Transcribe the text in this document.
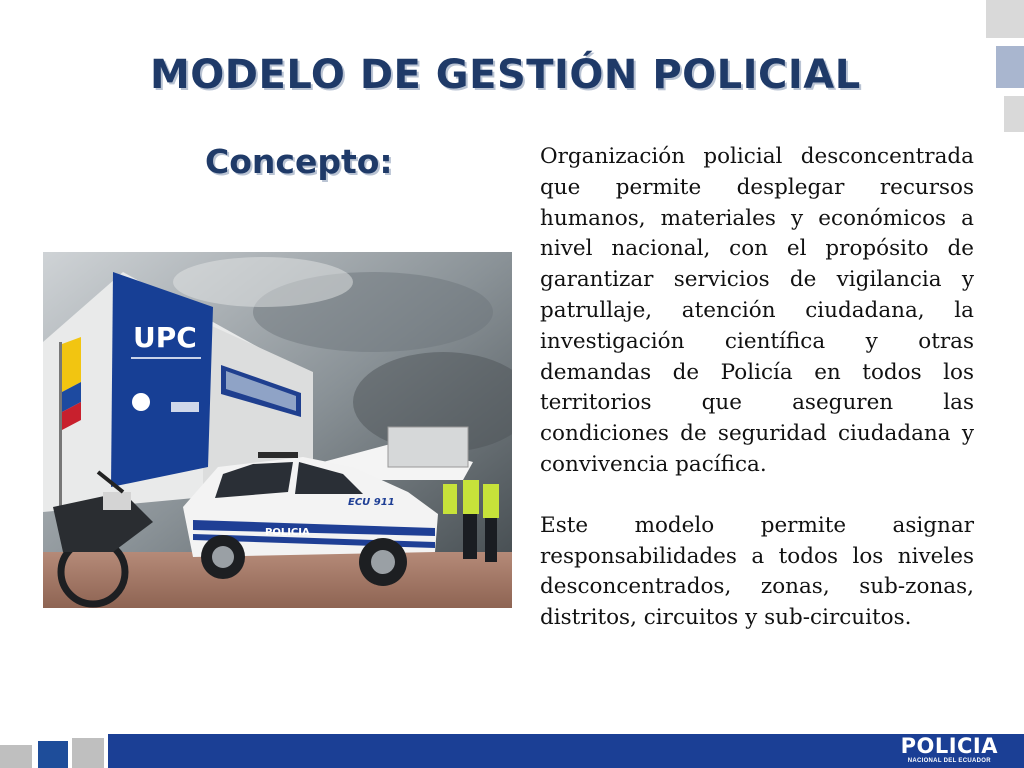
MODELO DE GESTIÓN POLICIAL
Concepto:	Organización policial desconcentrada que permite desplegar recursos humanos, materiales y económicos a nivel nacional, con el propósito de garantizar servicios de vigilancia y patrullaje, atención ciudadana, la investigación científica y otras demandas de Policía en todos los territorios que aseguren las condiciones de seguridad ciudadana y convivencia pacífica.

Este modelo permite asignar responsabilidades a todos los niveles desconcentrados, zonas, sub-zonas, distritos, circuitos y sub-circuitos.

UPC
POLICIA
ECU 911
POLICIA
NACIONAL DEL ECUADOR
